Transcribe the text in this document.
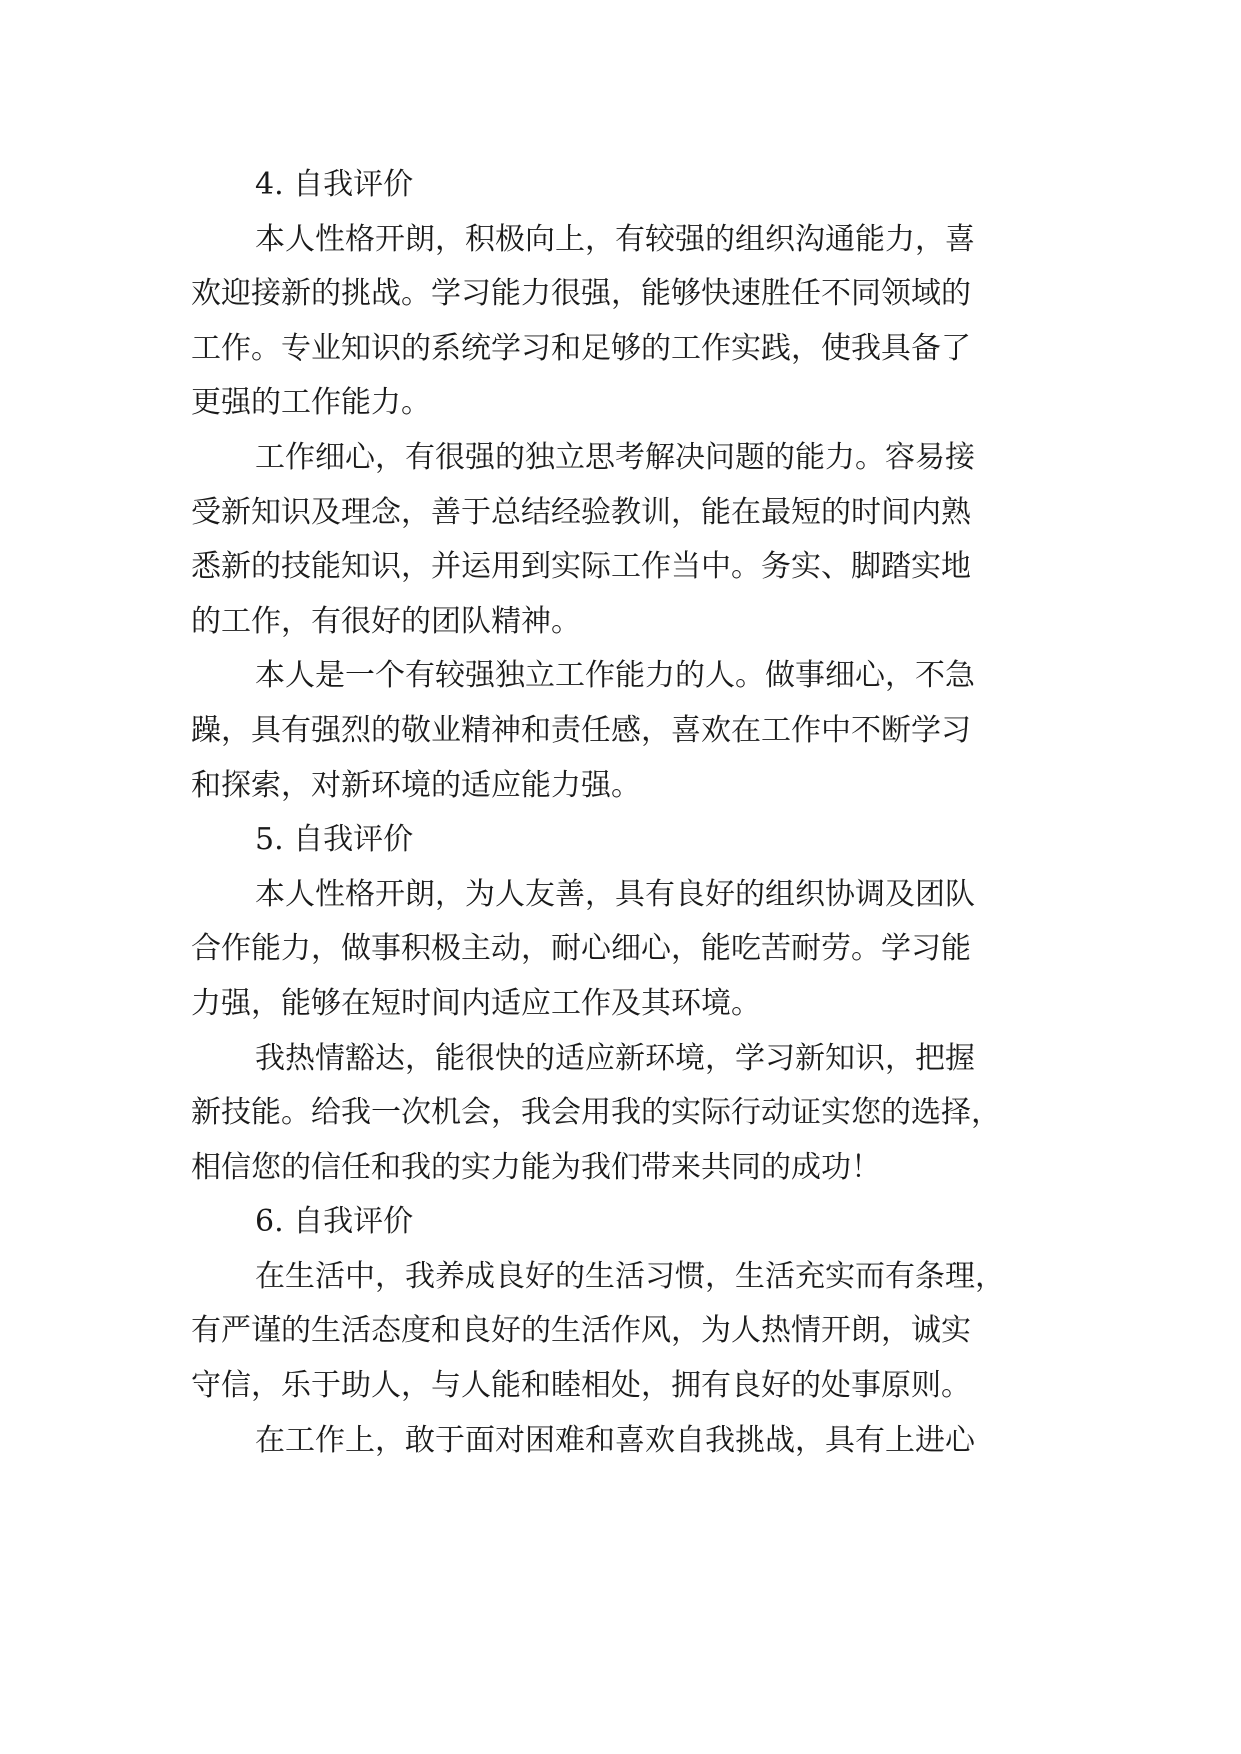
4. 自我评价

本人性格开朗，积极向上，有较强的组织沟通能力，喜
欢迎接新的挑战。学习能力很强，能够快速胜任不同领域的
工作。专业知识的系统学习和足够的工作实践，使我具备了
更强的工作能力。

工作细心，有很强的独立思考解决问题的能力。容易接
受新知识及理念，善于总结经验教训，能在最短的时间内熟
悉新的技能知识，并运用到实际工作当中。务实、脚踏实地
的工作，有很好的团队精神。

本人是一个有较强独立工作能力的人。做事细心，不急
躁，具有强烈的敬业精神和责任感，喜欢在工作中不断学习
和探索，对新环境的适应能力强。

5. 自我评价

本人性格开朗，为人友善，具有良好的组织协调及团队
合作能力，做事积极主动，耐心细心，能吃苦耐劳。学习能
力强，能够在短时间内适应工作及其环境。

我热情豁达，能很快的适应新环境，学习新知识，把握
新技能。给我一次机会，我会用我的实际行动证实您的选择，
相信您的信任和我的实力能为我们带来共同的成功！

6. 自我评价

在生活中，我养成良好的生活习惯，生活充实而有条理，
有严谨的生活态度和良好的生活作风，为人热情开朗，诚实
守信，乐于助人，与人能和睦相处，拥有良好的处事原则。

在工作上，敢于面对困难和喜欢自我挑战，具有上进心
